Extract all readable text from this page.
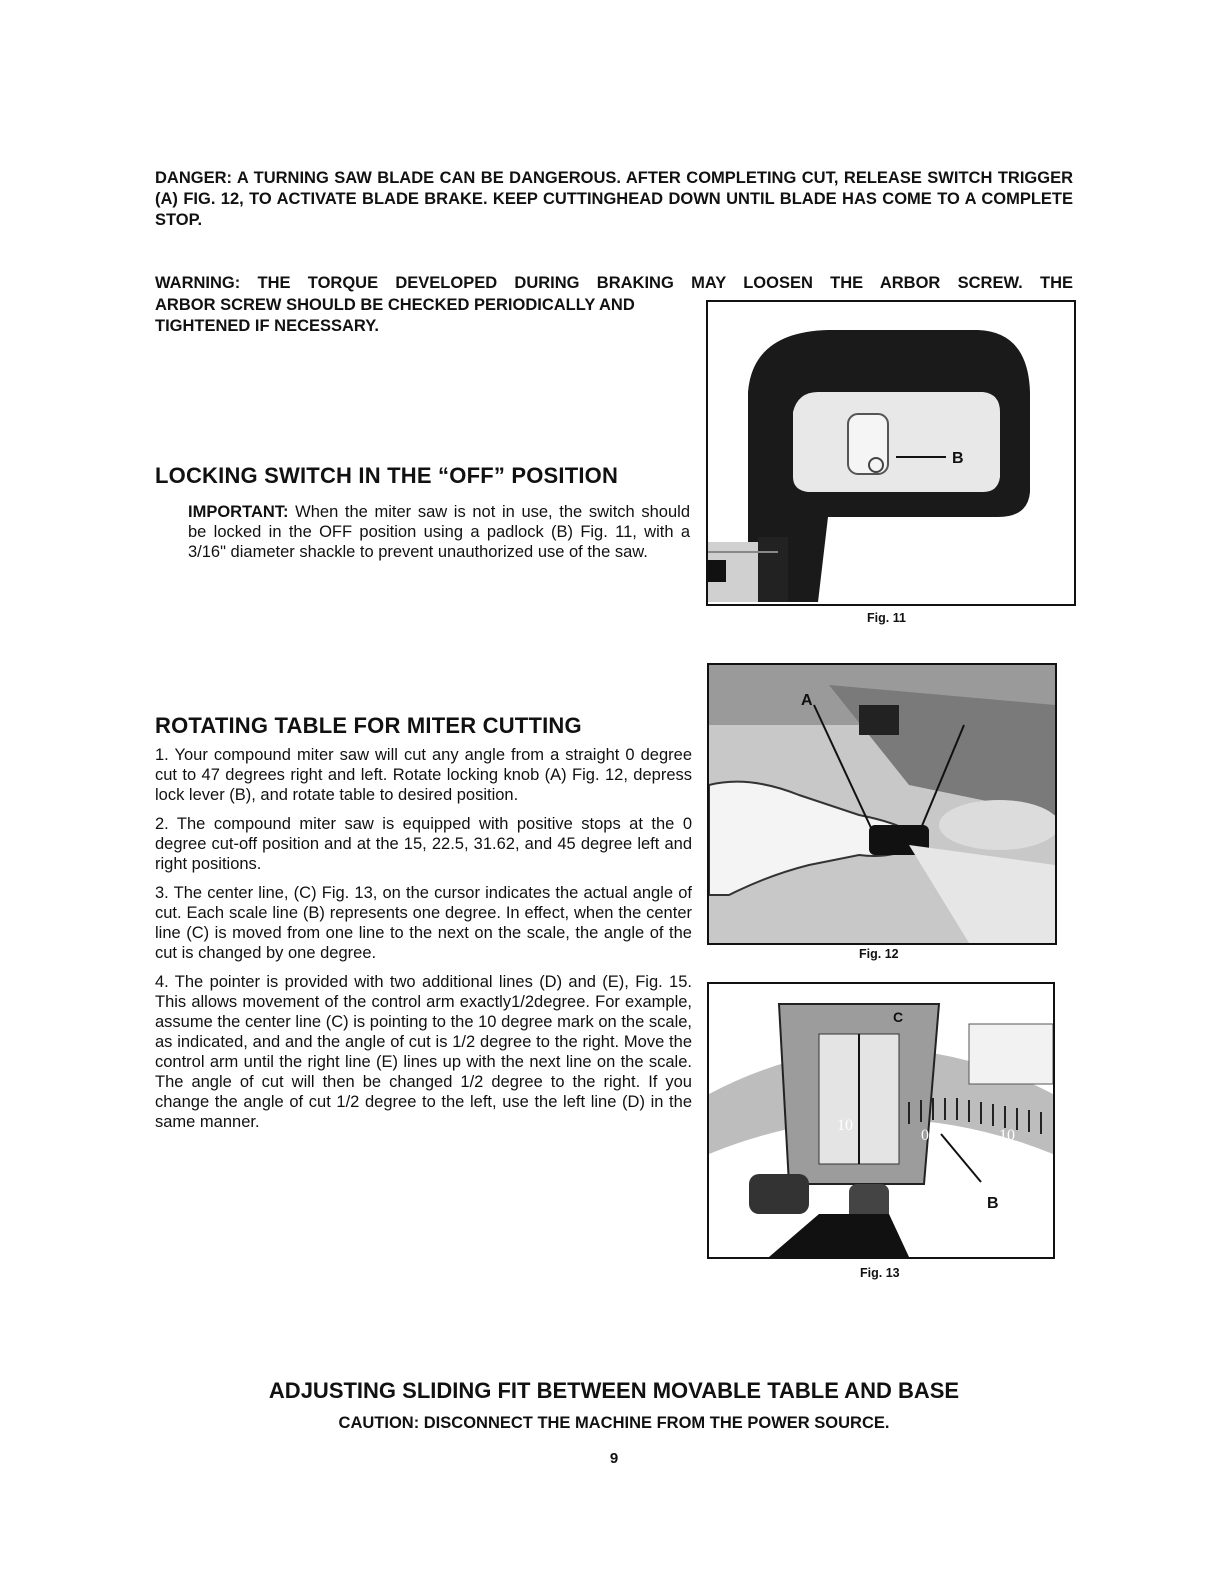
DANGER: A TURNING SAW BLADE CAN BE DANGEROUS. AFTER COMPLETING CUT, RELEASE SWITCH TRIGGER (A) FIG. 12, TO ACTIVATE BLADE BRAKE. KEEP CUTTINGHEAD DOWN UNTIL BLADE HAS COME TO A COMPLETE STOP.
WARNING: THE TORQUE DEVELOPED DURING BRAKING MAY LOOSEN THE ARBOR SCREW. THE
ARBOR SCREW SHOULD BE CHECKED PERIODICALLY AND TIGHTENED IF NECESSARY.
LOCKING SWITCH IN THE “OFF” POSITION
IMPORTANT: When the miter saw is not in use, the switch should be locked in the OFF position using a padlock (B) Fig. 11, with a 3/16" diameter shackle to prevent unauthorized use of the saw.
B
Fig. 11
ROTATING TABLE FOR MITER CUTTING

1. Your compound miter saw will cut any angle from a straight 0 degree cut to 47 degrees right and left. Rotate locking knob (A) Fig. 12, depress lock lever (B), and rotate table to desired position.

2. The compound miter saw is equipped with positive stops at the 0 degree cut-off position and at the 15, 22.5, 31.62, and 45 degree left and right positions.

3. The center line, (C) Fig. 13, on the cursor indicates the actual angle of cut. Each scale line (B) represents one degree. In effect, when the center line (C) is moved from one line to the next on the scale, the angle of the cut is changed by one degree.

4. The pointer is provided with two additional lines (D) and (E), Fig. 15. This allows movement of the control arm exactly1/2degree. For example, assume the center line (C) is pointing to the 10 degree mark on the scale, as indicated, and and the angle of cut is 1/2 degree to the right. Move the control arm until the right line (E) lines up with the next line on the scale. The angle of cut will then be changed 1/2 degree to the right. If you change the angle of cut 1/2 degree to the left, use the left line (D) in the same manner.

A
Fig. 12
C
10
0 5 10
B
Fig. 13
ADJUSTING SLIDING FIT BETWEEN MOVABLE TABLE AND BASE
CAUTION: DISCONNECT THE MACHINE FROM THE POWER SOURCE.
9
